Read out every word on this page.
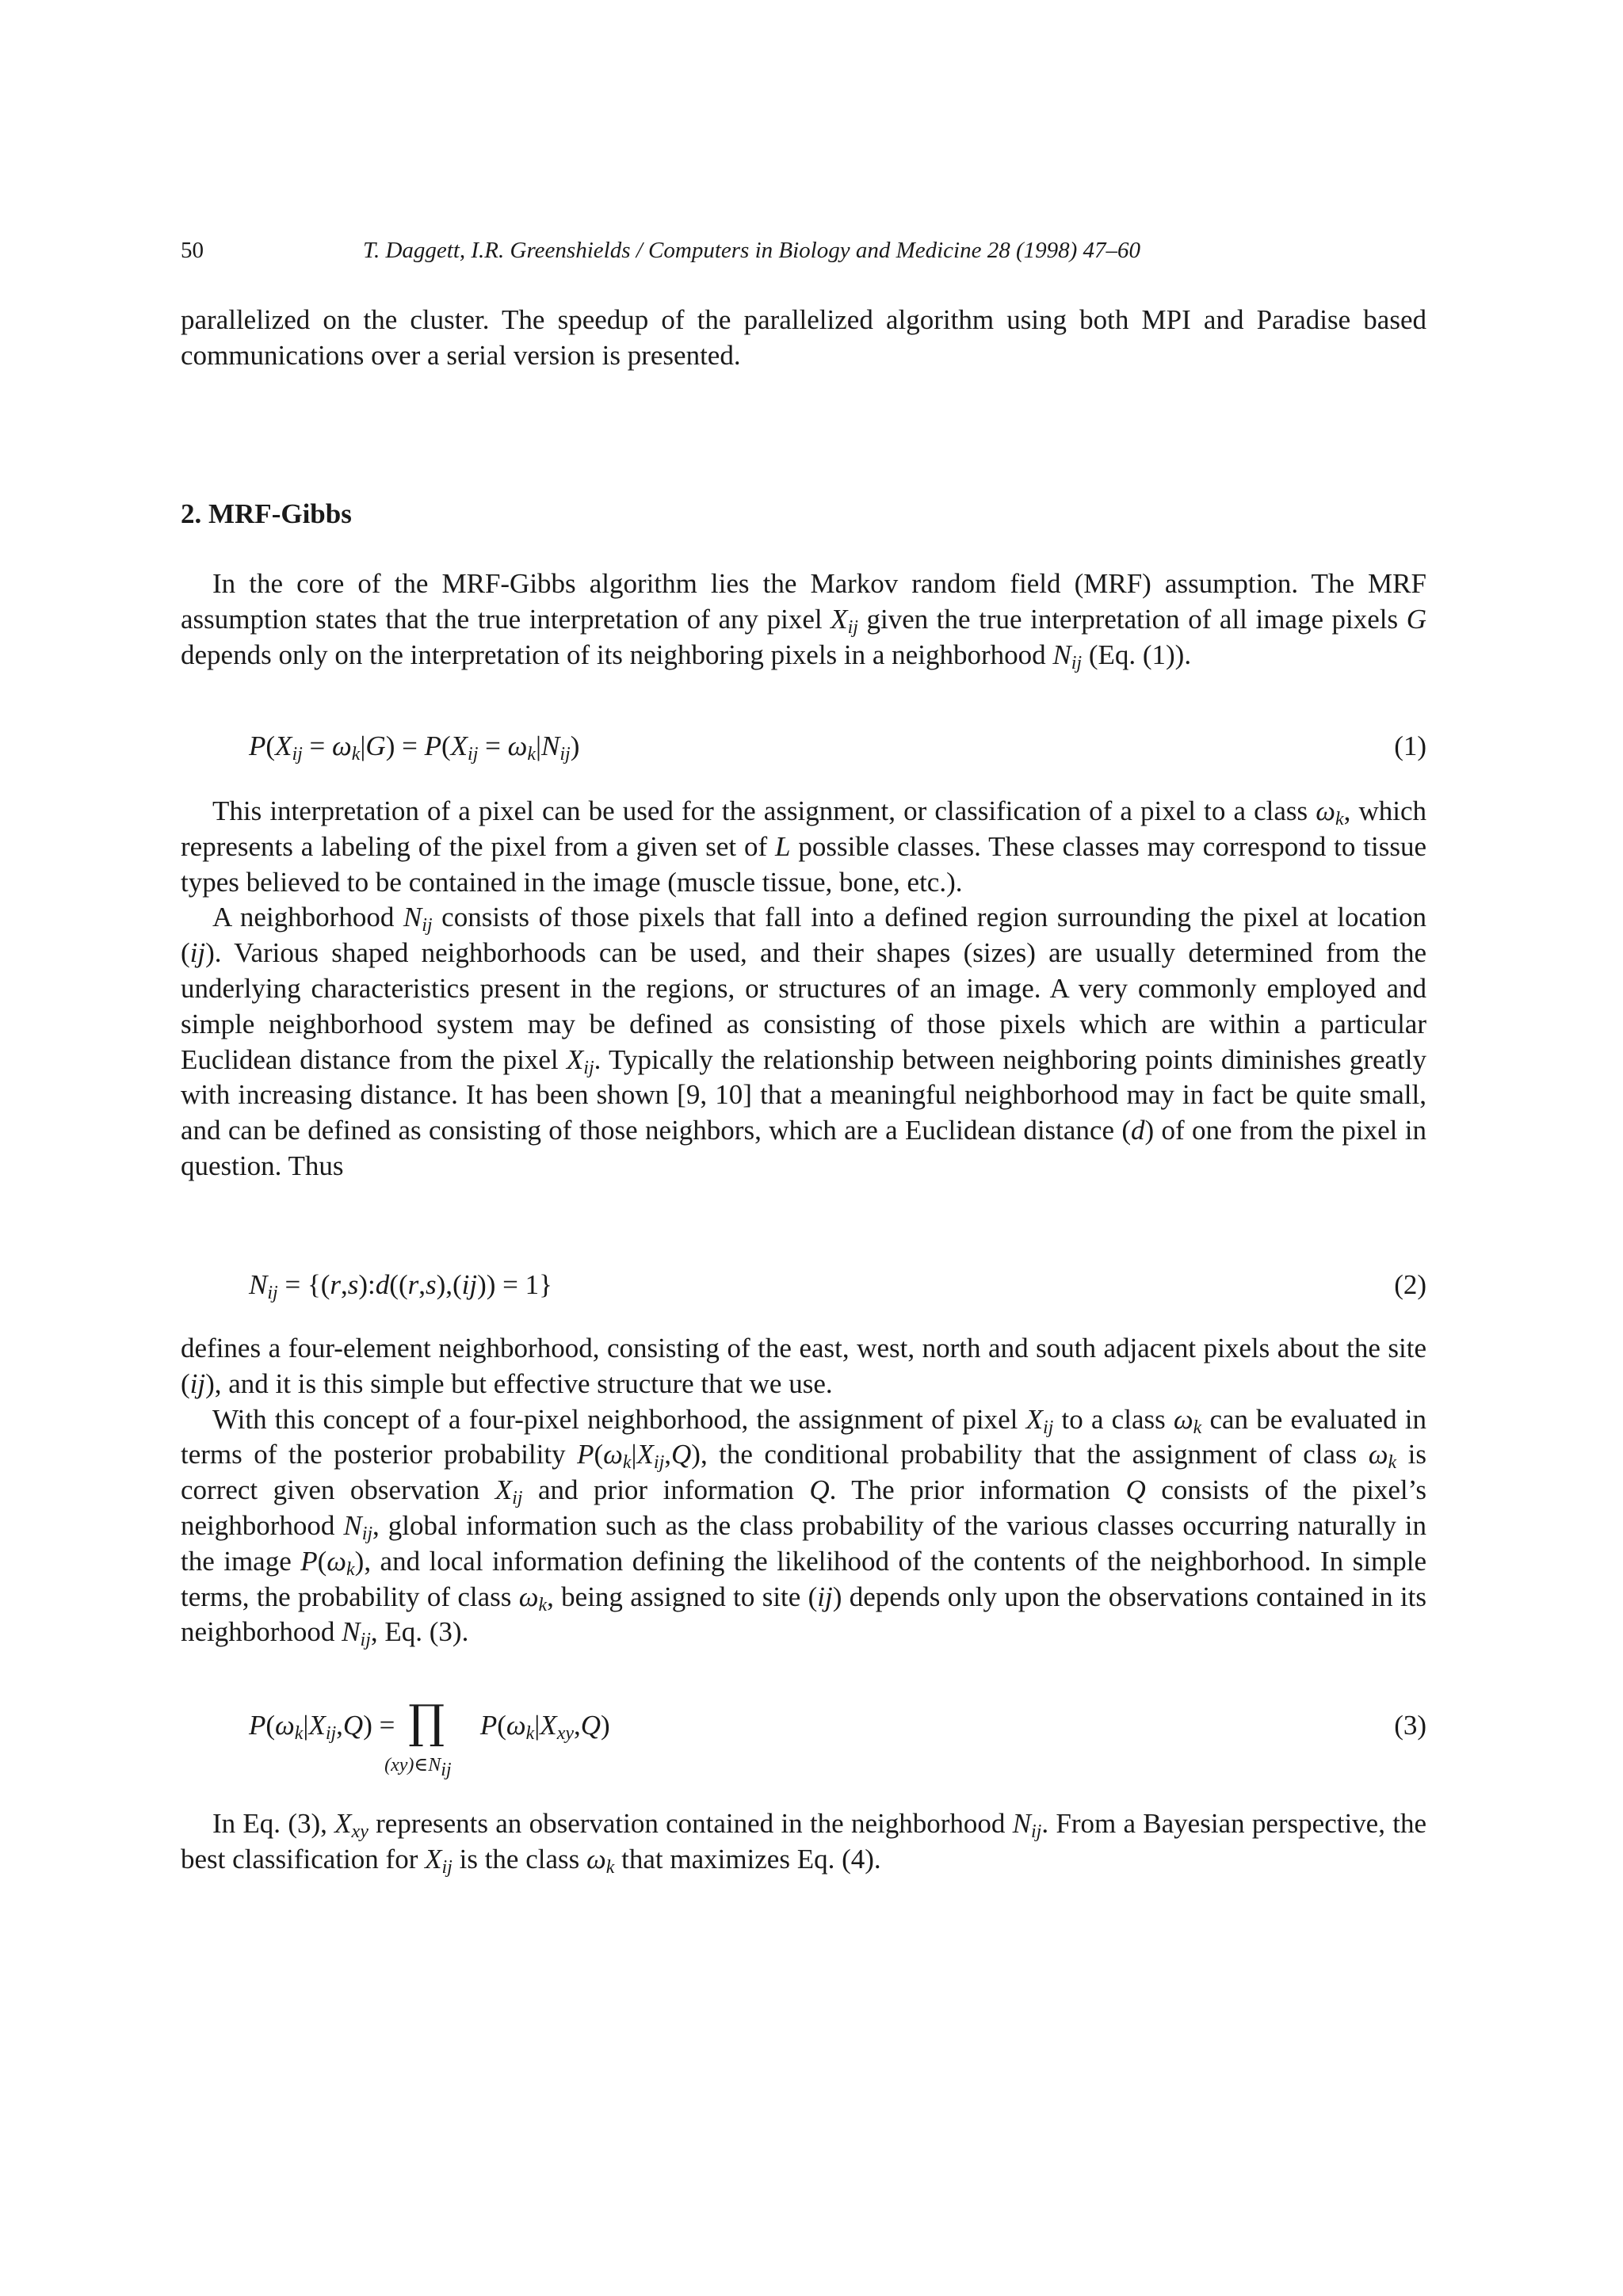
50	T. Daggett, I.R. Greenshields / Computers in Biology and Medicine 28 (1998) 47–60

parallelized on the cluster. The speedup of the parallelized algorithm using both MPI and Paradise based communications over a serial version is presented.

2. MRF-Gibbs

In the core of the MRF-Gibbs algorithm lies the Markov random field (MRF) assumption. The MRF assumption states that the true interpretation of any pixel $X_{ij}$ given the true interpretation of all image pixels G depends only on the interpretation of its neighboring pixels in a neighborhood $N_{ij}$ (Eq. (1)).

$P(X_{ij} = \omega_k|G) = P(X_{ij} = \omega_k|N_{ij})$	(1)

This interpretation of a pixel can be used for the assignment, or classification of a pixel to a class $\omega_k$, which represents a labeling of the pixel from a given set of L possible classes. These classes may correspond to tissue types believed to be contained in the image (muscle tissue, bone, etc.).

A neighborhood $N_{ij}$ consists of those pixels that fall into a defined region surrounding the pixel at location (ij). Various shaped neighborhoods can be used, and their shapes (sizes) are usually determined from the underlying characteristics present in the regions, or structures of an image. A very commonly employed and simple neighborhood system may be defined as consisting of those pixels which are within a particular Euclidean distance from the pixel $X_{ij}$. Typically the relationship between neighboring points diminishes greatly with increasing distance. It has been shown [9, 10] that a meaningful neighborhood may in fact be quite small, and can be defined as consisting of those neighbors, which are a Euclidean distance (d) of one from the pixel in question. Thus

$N_{ij}$ = {(r,s):d((r,s),(ij)) = 1}	(2)

defines a four-element neighborhood, consisting of the east, west, north and south adjacent pixels about the site (ij), and it is this simple but effective structure that we use.

With this concept of a four-pixel neighborhood, the assignment of pixel $X_{ij}$ to a class $\omega_k$ can be evaluated in terms of the posterior probability $P(\omega_k|X_{ij},Q)$, the conditional probability that the assignment of class $\omega_k$ is correct given observation $X_{ij}$ and prior information Q. The prior information Q consists of the pixel’s neighborhood $N_{ij}$, global information such as the class probability of the various classes occurring naturally in the image $P(\omega_k)$, and local information defining the likelihood of the contents of the neighborhood. In simple terms, the probability of class $\omega_k$, being assigned to site (ij) depends only upon the observations contained in its neighborhood $N_{ij}$, Eq. (3).

$P(\omega_k|X_{ij},Q)$ = ∏
$(xy)\in N_{ij}$
$P(\omega_k|X_{xy},Q)$	(3)

In Eq. (3), $X_{xy}$ represents an observation contained in the neighborhood $N_{ij}$. From a Bayesian perspective, the best classification for $X_{ij}$ is the class $\omega_k$ that maximizes Eq. (4).
